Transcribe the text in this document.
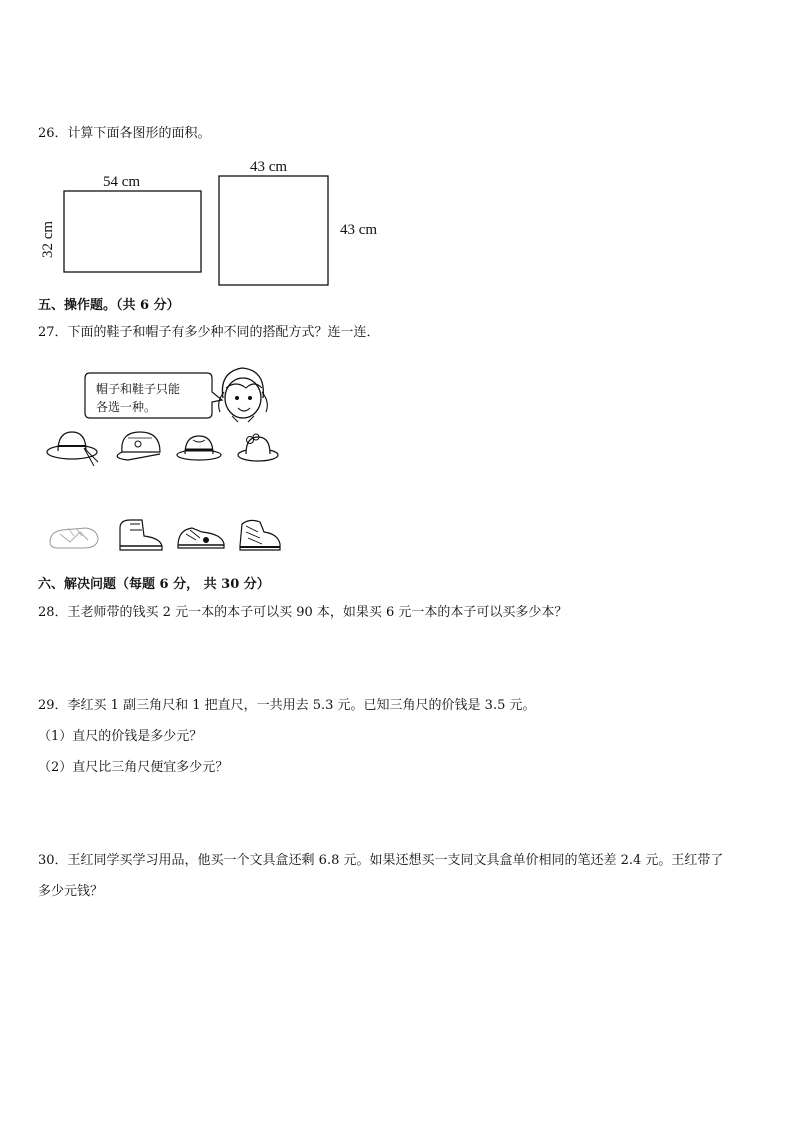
26．计算下面各图形的面积。
54 cm
32 cm
43 cm
43 cm
五、操作题。（共 6 分）
27．下面的鞋子和帽子有多少种不同的搭配方式？连一连．
帽子和鞋子只能
各选一种。
六、解决问题（每题 6 分， 共 30 分）
28．王老师带的钱买 2 元一本的本子可以买 90 本，如果买 6 元一本的本子可以买多少本？
29．李红买 1 副三角尺和 1 把直尺，一共用去 5.3 元。已知三角尺的价钱是 3.5 元。
（1）直尺的价钱是多少元？
（2）直尺比三角尺便宜多少元？
30．王红同学买学习用品，他买一个文具盒还剩 6.8 元。如果还想买一支同文具盒单价相同的笔还差 2.4 元。王红带了
多少元钱？
